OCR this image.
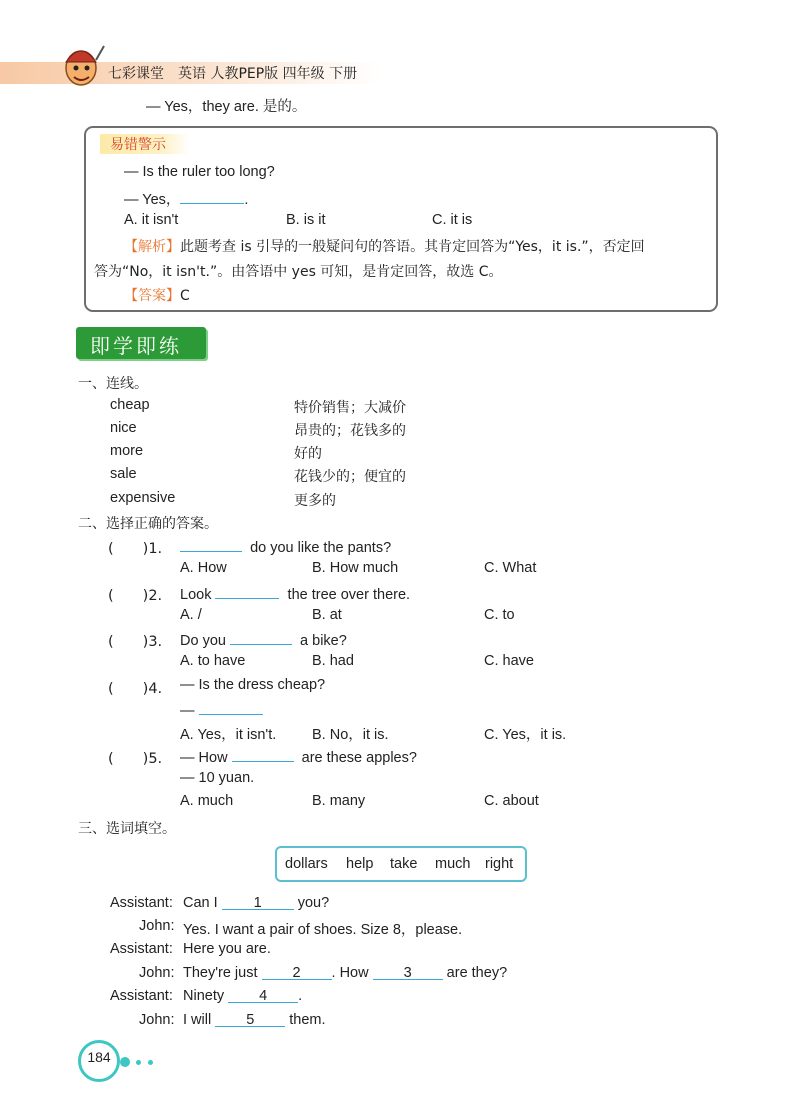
七彩课堂　英语 人教PEP版 四年级 下册
— Yes，they are. 是的。
易错警示
— Is the ruler too long?
— Yes，	.
A. it isn't	B. is it	C. it is
【解析】此题考查 is 引导的一般疑问句的答语。其肯定回答为“Yes，it is.”，否定回
答为“No，it isn't.”。由答语中 yes 可知，是肯定回答，故选 C。
【答案】C
即学即练
一、连线。
cheap
nice
more
sale
expensive
特价销售；大减价
昂贵的；花钱多的
好的
花钱少的；便宜的
更多的
二、选择正确的答案。
(　　)1.	do you like the pants?
A. How	B. How much	C. What
(　　)2. Look	the tree over there.
A. /	B. at	C. to
(　　)3. Do you	a bike?
A. to have	B. had	C. have
(　　)4. — Is the dress cheap?
—
A. Yes，it isn't. B. No，it is.	C. Yes，it is.
(　　)5. — How	are these apples?
— 10 yuan.
A. much	B. many	C. about
三、选词填空。
dollars help take much right
Assistant: Can I 1 you?
John: Yes. I want a pair of shoes. Size 8，please.
Assistant: Here you are.
John: They're just 2 . How 3 are they?
Assistant: Ninety 4 .
John: I will 5 them.
184
